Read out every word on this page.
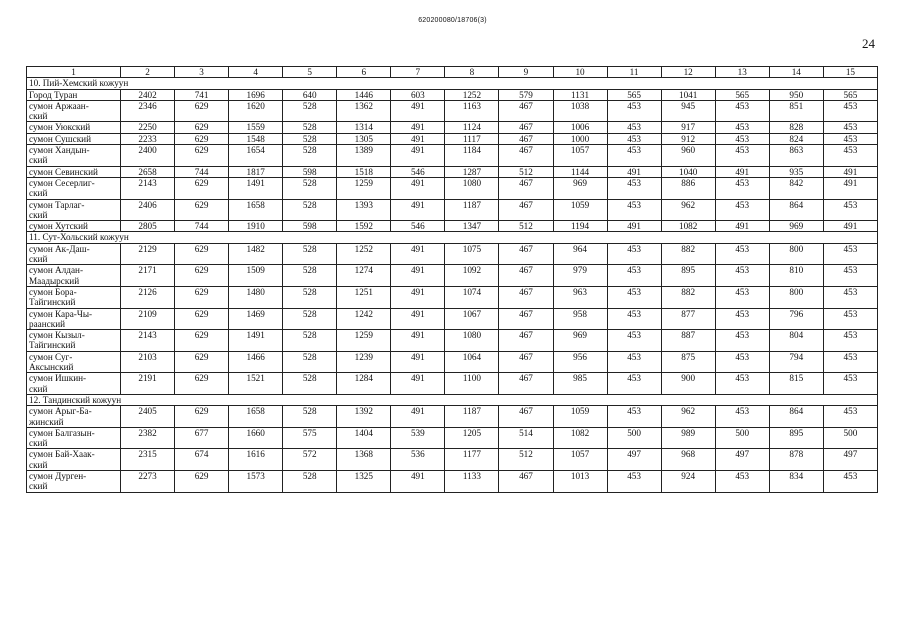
620200080/18706(3)
24
1	2	3	4	5	6	7	8	9	10	11	12	13	14	15
10. Пий-Хемский кожуун														
Город Туран	2402	741	1696	640	1446	603	1252	579	1131	565	1041	565	950	565
сумон Аржаан-
ский	2346	629	1620	528	1362	491	1163	467	1038	453	945	453	851	453
сумон Уюкский	2250	629	1559	528	1314	491	1124	467	1006	453	917	453	828	453
сумон Сушский	2233	629	1548	528	1305	491	1117	467	1000	453	912	453	824	453
сумон Хандын-
ский	2400	629	1654	528	1389	491	1184	467	1057	453	960	453	863	453
сумон Севинский	2658	744	1817	598	1518	546	1287	512	1144	491	1040	491	935	491
сумон Сесерлиг-
ский	2143	629	1491	528	1259	491	1080	467	969	453	886	453	842	491
сумон Тарлаг-
ский	2406	629	1658	528	1393	491	1187	467	1059	453	962	453	864	453
сумон Хутский	2805	744	1910	598	1592	546	1347	512	1194	491	1082	491	969	491
11. Сут-Хольский кожуун														
сумон Ак-Даш-
ский	2129	629	1482	528	1252	491	1075	467	964	453	882	453	800	453
сумон Алдан-
Маадырский	2171	629	1509	528	1274	491	1092	467	979	453	895	453	810	453
сумон Бора-
Тайгинский	2126	629	1480	528	1251	491	1074	467	963	453	882	453	800	453
сумон Кара-Чы-
раанский	2109	629	1469	528	1242	491	1067	467	958	453	877	453	796	453
сумон Кызыл-
Тайгинский	2143	629	1491	528	1259	491	1080	467	969	453	887	453	804	453
сумон Суг-
Аксынский	2103	629	1466	528	1239	491	1064	467	956	453	875	453	794	453
сумон Ишкин-
ский	2191	629	1521	528	1284	491	1100	467	985	453	900	453	815	453
12. Тандинский кожуун														
сумон Арыг-Ба-
жинский	2405	629	1658	528	1392	491	1187	467	1059	453	962	453	864	453
сумон Балгазын-
ский	2382	677	1660	575	1404	539	1205	514	1082	500	989	500	895	500
сумон Бай-Хаак-
ский	2315	674	1616	572	1368	536	1177	512	1057	497	968	497	878	497
сумон Дурген-
ский	2273	629	1573	528	1325	491	1133	467	1013	453	924	453	834	453
